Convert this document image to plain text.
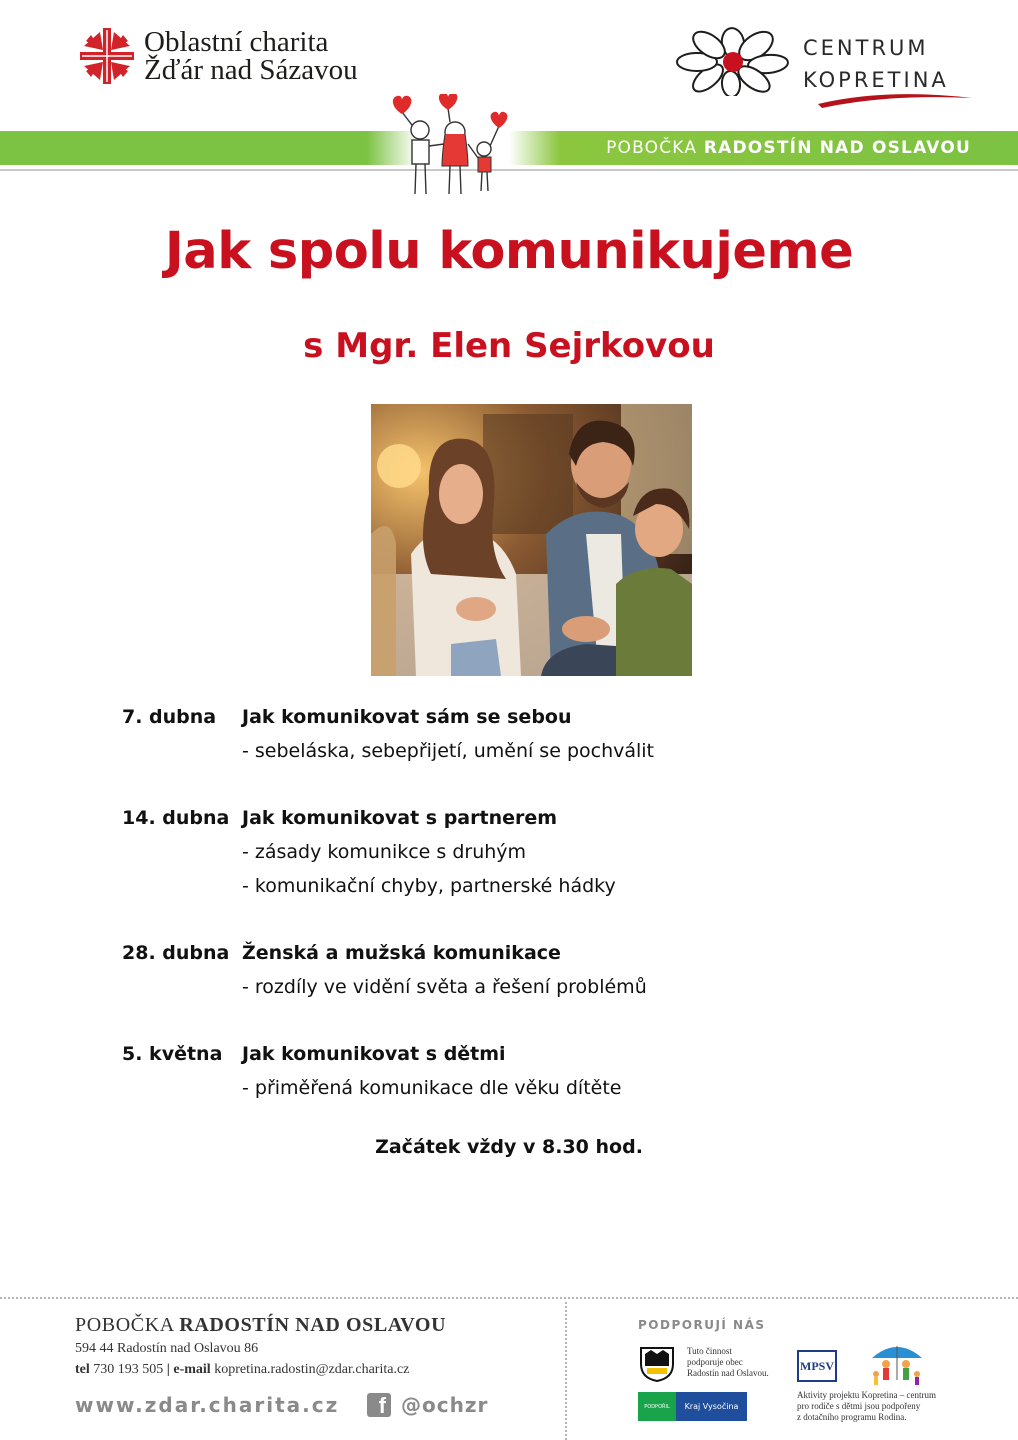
Oblastní charita
Žďár nad Sázavou
CENTRUM
KOPRETINA
POBOČKA RADOSTÍN NAD OSLAVOU
Jak spolu komunikujeme
s Mgr. Elen Sejrkovou
7. dubna	Jak komunikovat sám se sebou
- sebeláska, sebepřijetí, umění se pochválit
14. dubna Jak komunikovat s partnerem
- zásady komunikce s druhým
- komunikační chyby, partnerské hádky
28. dubna Ženská a mužská komunikace
- rozdíly ve vidění světa a řešení problémů
5. května	Jak komunikovat s dětmi
- přiměřená komunikace dle věku dítěte
Začátek vždy v 8.30 hod.
POBOČKA RADOSTÍN NAD OSLAVOU
594 44 Radostín nad Oslavou 86
tel 730 193 505 | e-mail kopretina.radostin@zdar.charita.cz
www.zdar.charita.cz f @ochzr
PODPORUJÍ NÁS
Tuto činnost
podporuje obec
Radostín nad Oslavou.
MPSV
PODPOŘIL	Kraj Vysočina
Aktivity projektu Kopretina – centrum
pro rodiče s dětmi jsou podpořeny
z dotačního programu Rodina.
